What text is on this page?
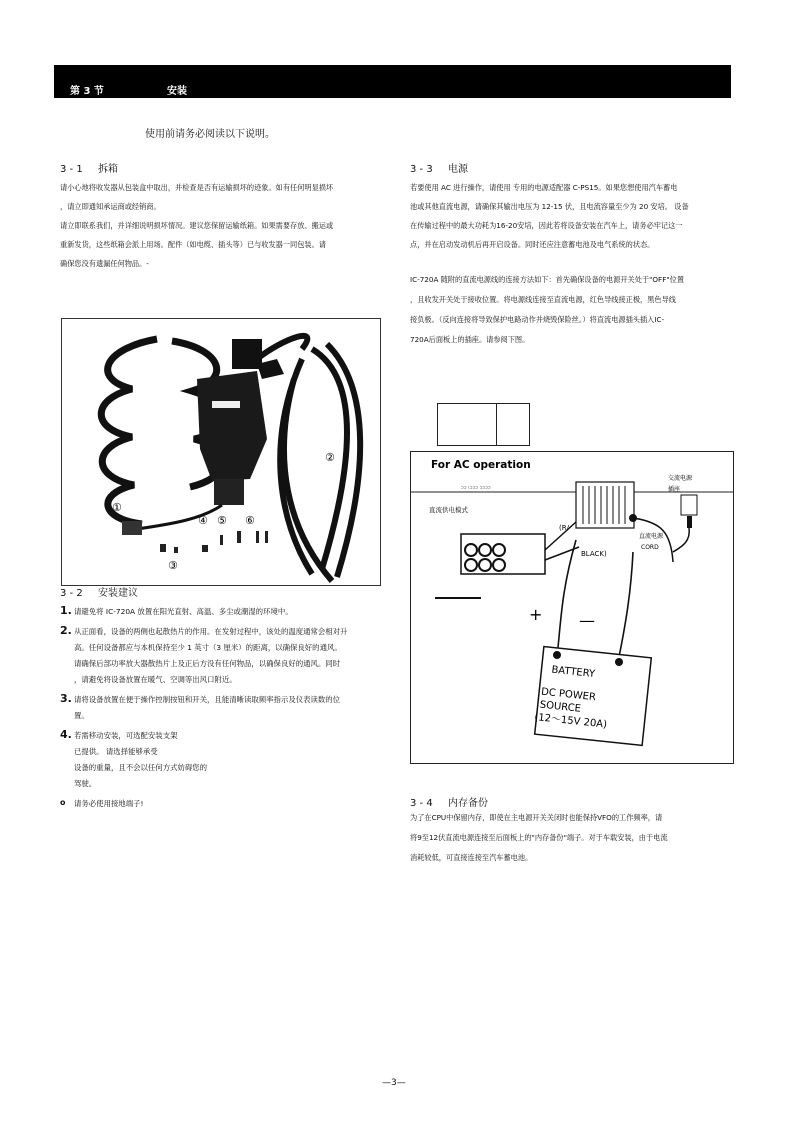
第 3 节	安装
使用前请务必阅读以下说明。
3 - 1 拆箱
请小心地将收发器从包装盒中取出，并检查是否有运输损坏的迹象。如有任何明显损坏
，请立即通知承运商或经销商。
请立即联系我们，并详细说明损坏情况。建议您保留运输纸箱。如果需要存放、搬运或
重新发货，这些纸箱会派上用场。配件（如电缆、插头等）已与收发器一同包装。请
确保您没有遗漏任何物品。-
①
②
③
④ ⑤ ⑥
3 - 2 安装建议
1. 请避免将 IC-720A 放置在阳光直射、高温、多尘或潮湿的环境中。
2. 从正面看，设备的两侧也起散热片的作用。在发射过程中，该处的温度通常会相对升
高。任何设备都应与本机保持至少 1 英寸（3 厘米）的距离，以确保良好的通风。
请确保后部功率放大器散热片上及正后方没有任何物品，以确保良好的通风。同时
，请避免将设备放置在暖气、空调等出风口附近。
3. 请将设备放置在便于操作控制按钮和开关，且能清晰读取频率指示及仪表读数的位
置。
4. 若需移动安装，可选配安装支架
已提供。 请选择能够承受
设备的重量，且不会以任何方式妨碍您的
驾驶。
o 请务必使用接地端子!
3 - 3 电源
若要使用 AC 进行操作，请使用 专用的电源适配器 C-PS15。如果您想使用汽车蓄电
池或其他直流电源，请确保其输出电压为 12-15 伏，且电流容量至少为 20 安培。 设备
在传输过程中的最大功耗为16-20安培，因此若将设备安装在汽车上，请务必牢记这一
点，并在启动发动机后再开启设备。同时还应注意蓄电池及电气系统的状态。
IC-720A 随附的直流电源线的连接方法如下：首先确保设备的电源开关处于"OFF"位置
，且收发开关处于接收位置。将电源线连接至直流电源，红色导线接正极，黑色导线
接负极。（反向连接将导致保护电路动作并烧毁保险丝。）将直流电源插头插入IC-
720A后面板上的插座。请参阅下图。
For AC operation
ɔɔ ɩɔɔɔ ɔɔɔɔ
直流供电模式
交流电源
插座
直流电源
CORD
BLACK)
(R/
+ —
BATTERY
DC POWER
SOURCE
(12～15V 20A)
3 - 4 内存备份
为了在CPU中保留内存，即使在主电源开关关闭时也能保持VFO的工作频率，请
将9至12伏直流电源连接至后面板上的"内存备份"端子。对于车载安装，由于电流
消耗较低，可直接连接至汽车蓄电池。
—3—
